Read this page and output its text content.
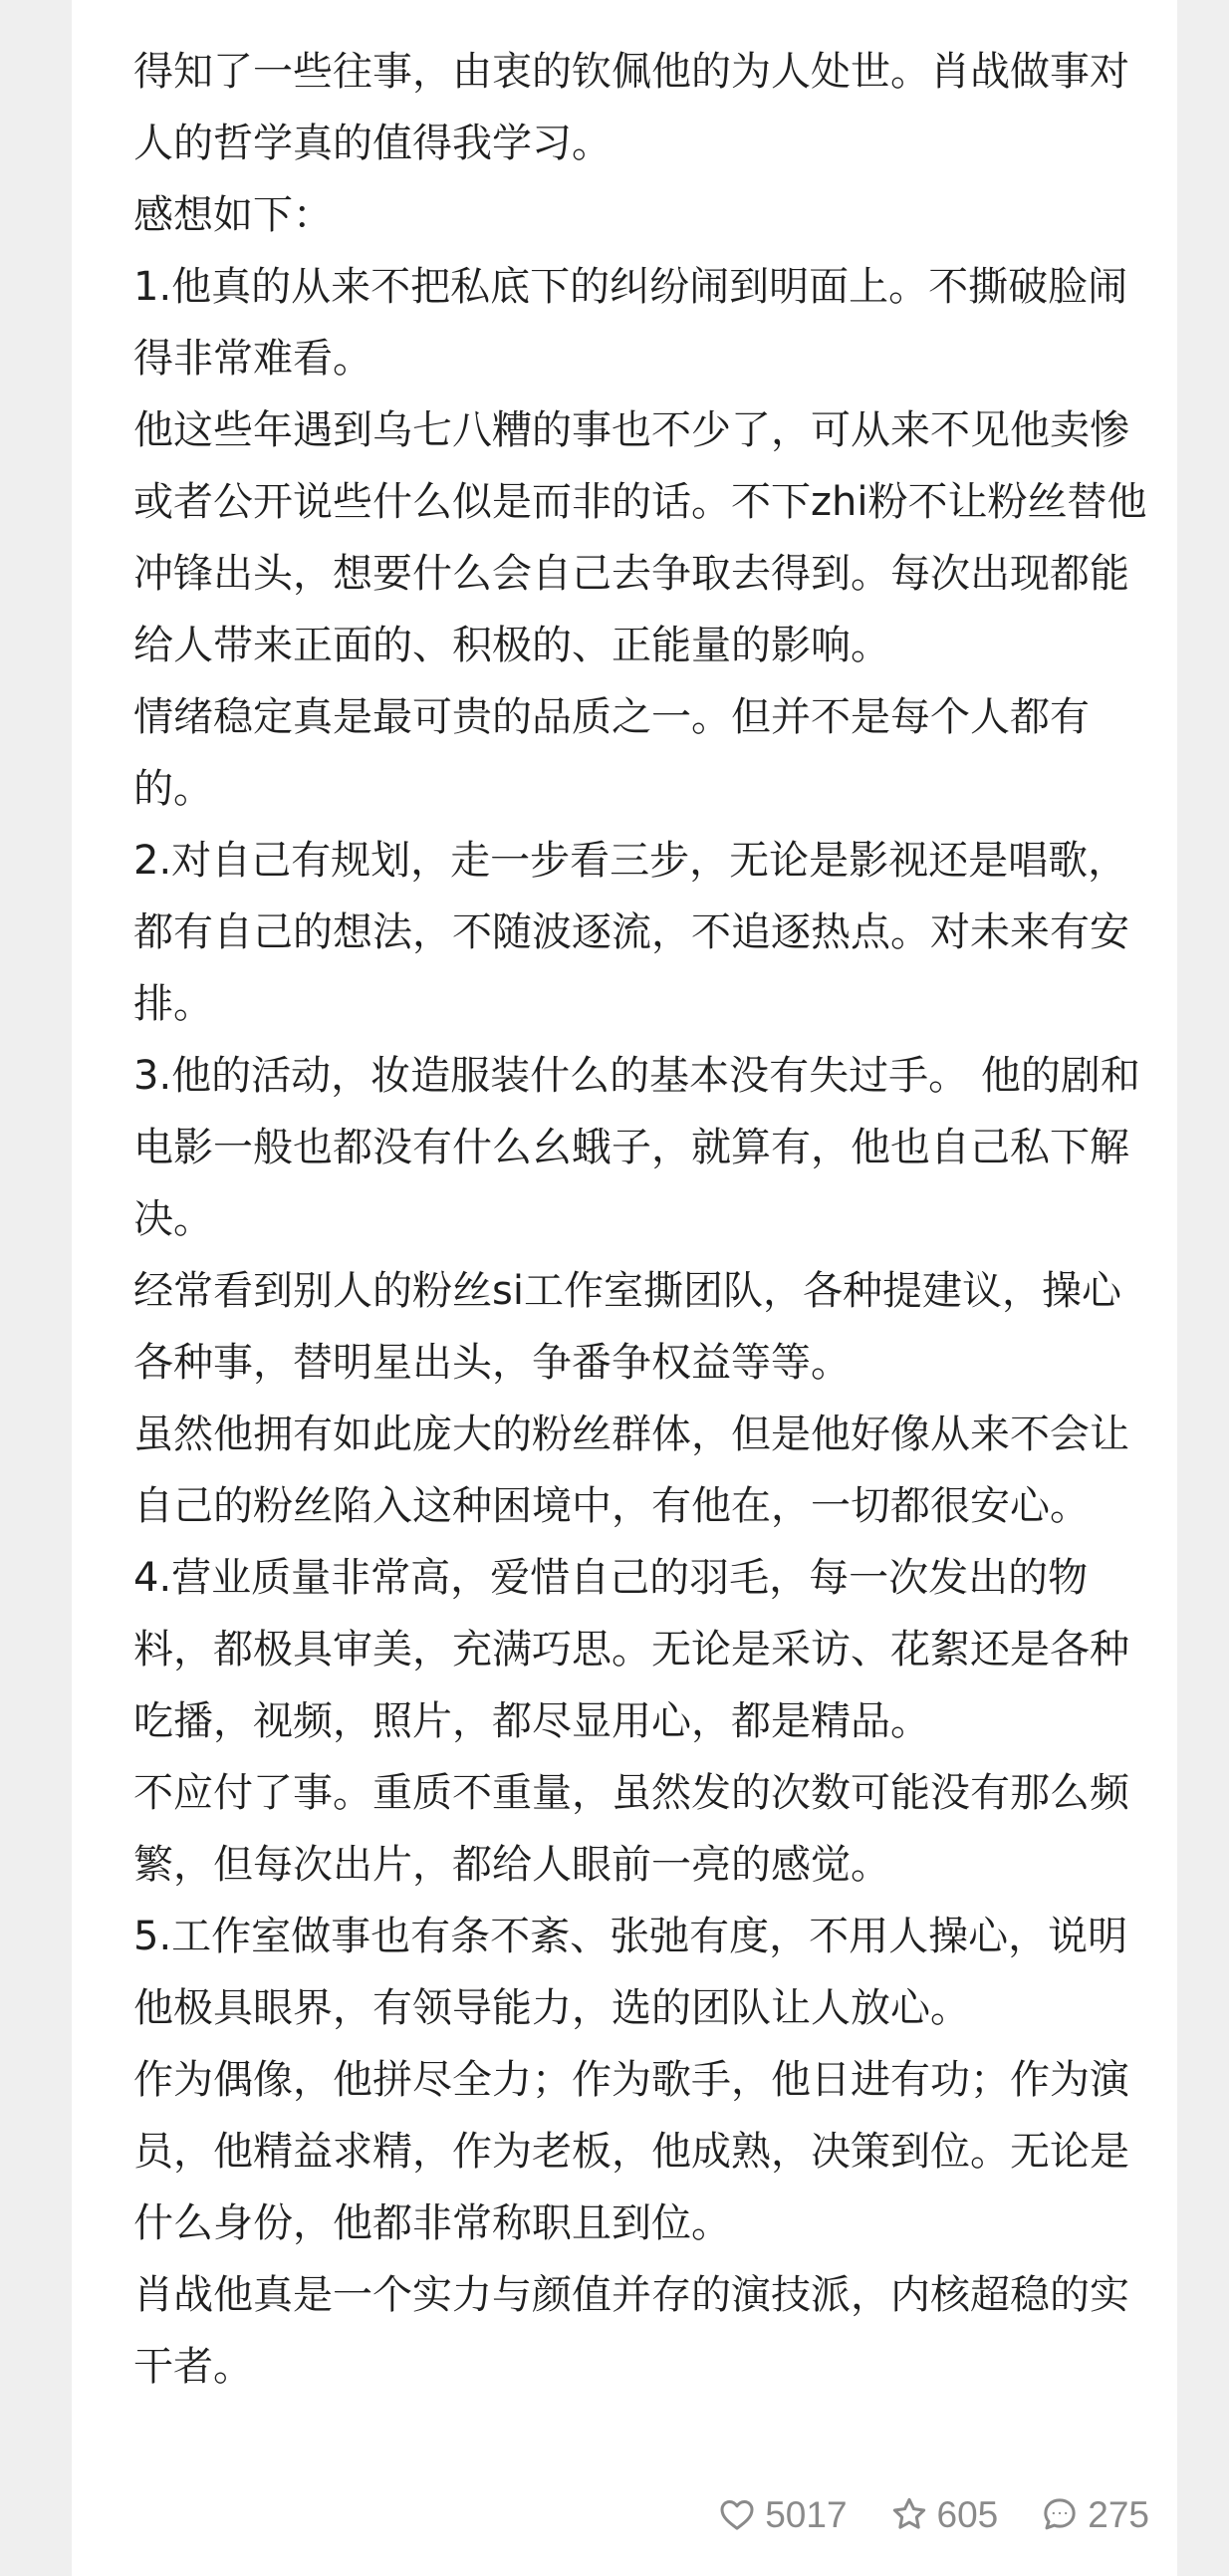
得知了一些往事，由衷的钦佩他的为人处世。肖战做事对人的哲学真的值得我学习。

感想如下：

1.他真的从来不把私底下的纠纷闹到明面上。不撕破脸闹得非常难看。

他这些年遇到乌七八糟的事也不少了，可从来不见他卖惨或者公开说些什么似是而非的话。不下zhi粉不让粉丝替他冲锋出头，想要什么会自己去争取去得到。每次出现都能给人带来正面的、积极的、正能量的影响。

情绪稳定真是最可贵的品质之一。但并不是每个人都有的。

2.对自己有规划，走一步看三步，无论是影视还是唱歌，都有自己的想法，不随波逐流，不追逐热点。对未来有安排。

3.他的活动，妆造服装什么的基本没有失过手。 他的剧和电影一般也都没有什么幺蛾子，就算有，他也自己私下解决。

经常看到别人的粉丝si工作室撕团队，各种提建议，操心各种事，替明星出头，争番争权益等等。

虽然他拥有如此庞大的粉丝群体，但是他好像从来不会让自己的粉丝陷入这种困境中，有他在，一切都很安心。

4.营业质量非常高，爱惜自己的羽毛，每一次发出的物料，都极具审美，充满巧思。无论是采访、花絮还是各种吃播，视频，照片，都尽显用心，都是精品。

不应付了事。重质不重量，虽然发的次数可能没有那么频繁，但每次出片，都给人眼前一亮的感觉。

5.工作室做事也有条不紊、张弛有度，不用人操心，说明他极具眼界，有领导能力，选的团队让人放心。

作为偶像，他拼尽全力；作为歌手，他日进有功；作为演员，他精益求精，作为老板，他成熟，决策到位。无论是什么身份，他都非常称职且到位。

肖战他真是一个实力与颜值并存的演技派，内核超稳的实干者。

5017 605 275
